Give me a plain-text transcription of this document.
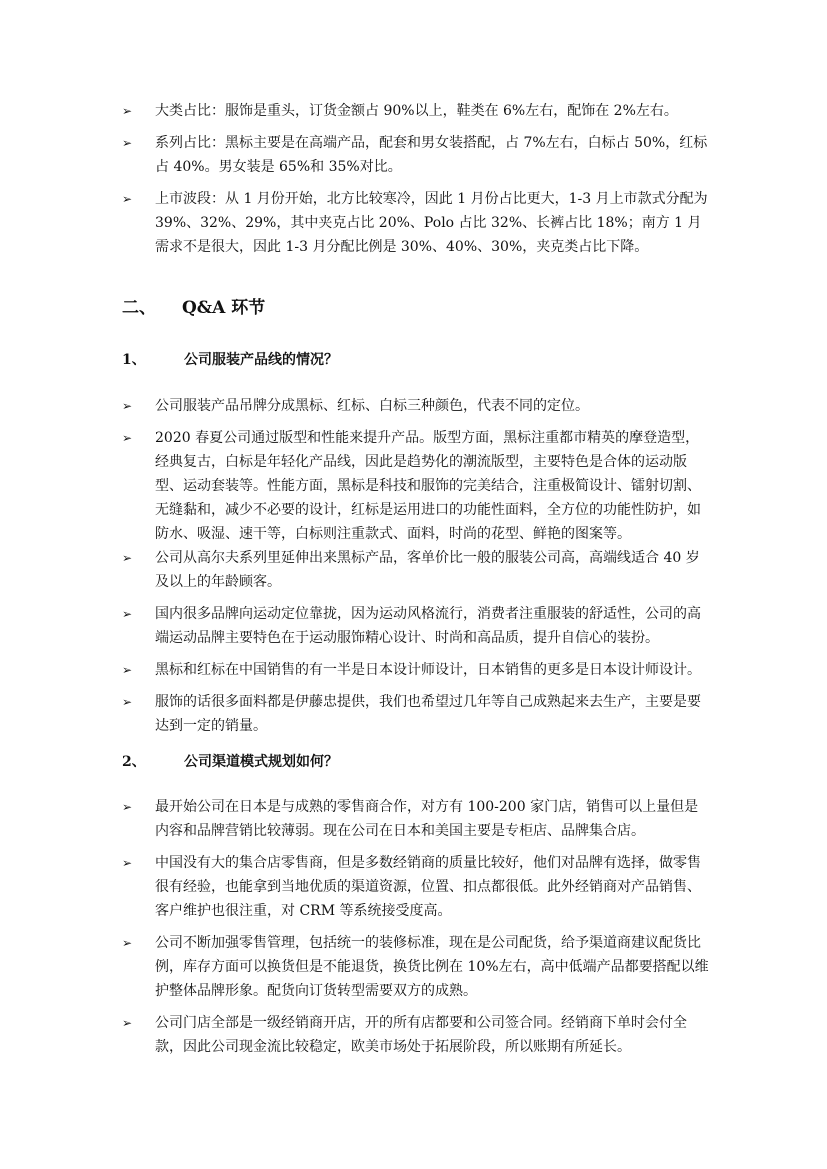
➢	大类占比：服饰是重头，订货金额占 90%以上，鞋类在 6%左右，配饰在 2%左右。
➢	系列占比：黑标主要是在高端产品，配套和男女装搭配，占 7%左右，白标占 50%，红标占 40%。男女装是 65%和 35%对比。
➢	上市波段：从 1 月份开始，北方比较寒冷，因此 1 月份占比更大，1-3 月上市款式分配为 39%、32%、29%，其中夹克占比 20%、Polo 占比 32%、长裤占比 18%；南方 1 月需求不是很大，因此 1-3 月分配比例是 30%、40%、30%，夹克类占比下降。
二、 Q&A 环节
1、	公司服装产品线的情况？
➢	公司服装产品吊牌分成黑标、红标、白标三种颜色，代表不同的定位。
➢	2020 春夏公司通过版型和性能来提升产品。版型方面，黑标注重都市精英的摩登造型，经典复古，白标是年轻化产品线，因此是趋势化的潮流版型，主要特色是合体的运动版型、运动套装等。性能方面，黑标是科技和服饰的完美结合，注重极简设计、镭射切割、无缝黏和，减少不必要的设计，红标是运用进口的功能性面料，全方位的功能性防护，如防水、吸湿、速干等，白标则注重款式、面料，时尚的花型、鲜艳的图案等。
➢	公司从高尔夫系列里延伸出来黑标产品，客单价比一般的服装公司高，高端线适合 40 岁及以上的年龄顾客。
➢	国内很多品牌向运动定位靠拢，因为运动风格流行，消费者注重服装的舒适性，公司的高端运动品牌主要特色在于运动服饰精心设计、时尚和高品质，提升自信心的装扮。
➢	黑标和红标在中国销售的有一半是日本设计师设计，日本销售的更多是日本设计师设计。
➢	服饰的话很多面料都是伊藤忠提供，我们也希望过几年等自己成熟起来去生产，主要是要达到一定的销量。
2、	公司渠道模式规划如何？
➢	最开始公司在日本是与成熟的零售商合作，对方有 100-200 家门店，销售可以上量但是内容和品牌营销比较薄弱。现在公司在日本和美国主要是专柜店、品牌集合店。
➢	中国没有大的集合店零售商，但是多数经销商的质量比较好，他们对品牌有选择，做零售很有经验，也能拿到当地优质的渠道资源，位置、扣点都很低。此外经销商对产品销售、客户维护也很注重，对 CRM 等系统接受度高。
➢	公司不断加强零售管理，包括统一的装修标准，现在是公司配货，给予渠道商建议配货比例，库存方面可以换货但是不能退货，换货比例在 10%左右，高中低端产品都要搭配以维护整体品牌形象。配货向订货转型需要双方的成熟。
➢	公司门店全部是一级经销商开店，开的所有店都要和公司签合同。经销商下单时会付全款，因此公司现金流比较稳定，欧美市场处于拓展阶段，所以账期有所延长。
